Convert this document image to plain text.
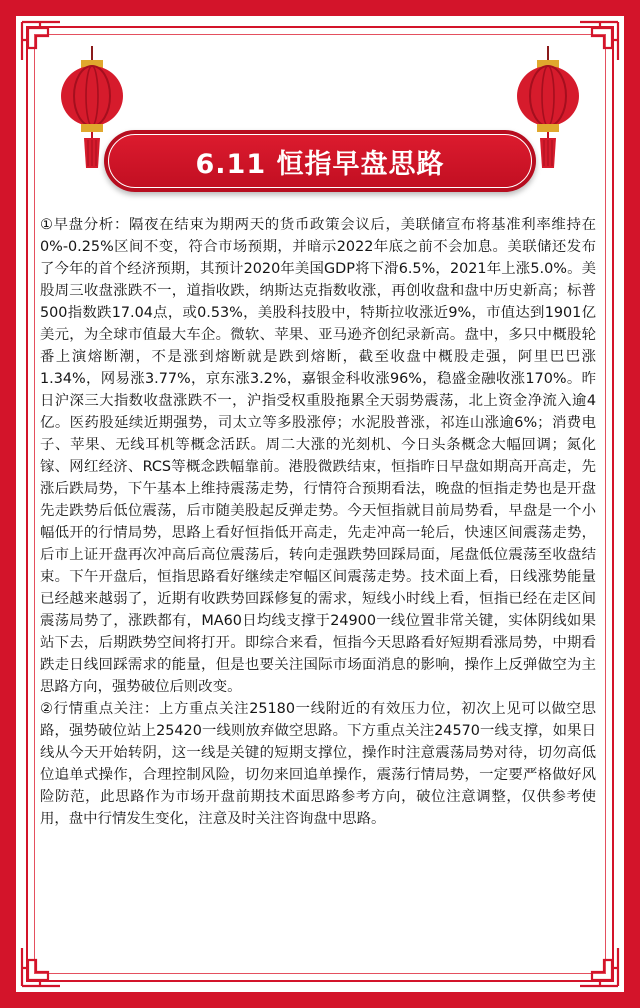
6.11 恒指早盘思路

①早盘分析：隔夜在结束为期两天的货币政策会议后，美联储宣布将基准利率维持在0%-0.25%区间不变，符合市场预期，并暗示2022年底之前不会加息。美联储还发布了今年的首个经济预期，其预计2020年美国GDP将下滑6.5%，2021年上涨5.0%。美股周三收盘涨跌不一，道指收跌，纳斯达克指数收涨，再创收盘和盘中历史新高；标普500指数跌17.04点，或0.53%，美股科技股中，特斯拉收涨近9%，市值达到1901亿美元，为全球市值最大车企。微软、苹果、亚马逊齐创纪录新高。盘中，多只中概股轮番上演熔断潮，不是涨到熔断就是跌到熔断，截至收盘中概股走强，阿里巴巴涨1.34%，网易涨3.77%，京东涨3.2%，嘉银金科收涨96%，稳盛金融收涨170%。昨日沪深三大指数收盘涨跌不一，沪指受权重股拖累全天弱势震荡，北上资金净流入逾4亿。医药股延续近期强势，司太立等多股涨停；水泥股普涨，祁连山涨逾6%；消费电子、苹果、无线耳机等概念活跃。周二大涨的光刻机、今日头条概念大幅回调；氮化镓、网红经济、RCS等概念跌幅靠前。港股微跌结束，恒指昨日早盘如期高开高走，先涨后跌局势，下午基本上维持震荡走势，行情符合预期看法，晚盘的恒指走势也是开盘先走跌势后低位震荡，后市随美股起反弹走势。今天恒指就目前局势看，早盘是一个小幅低开的行情局势，思路上看好恒指低开高走，先走冲高一轮后，快速区间震荡走势，后市上证开盘再次冲高后高位震荡后，转向走强跌势回踩局面，尾盘低位震荡至收盘结束。下午开盘后，恒指思路看好继续走窄幅区间震荡走势。技术面上看，日线涨势能量已经越来越弱了，近期有收跌势回踩修复的需求，短线小时线上看，恒指已经在走区间震荡局势了，涨跌都有，MA60日均线支撑于24900一线位置非常关键，实体阴线如果站下去，后期跌势空间将打开。即综合来看，恒指今天思路看好短期看涨局势，中期看跌走日线回踩需求的能量，但是也要关注国际市场面消息的影响，操作上反弹做空为主思路方向，强势破位后则改变。

②行情重点关注：上方重点关注25180一线附近的有效压力位，初次上见可以做空思路，强势破位站上25420一线则放弃做空思路。下方重点关注24570一线支撑，如果日线从今天开始转阴，这一线是关键的短期支撑位，操作时注意震荡局势对待，切勿高低位追单式操作，合理控制风险，切勿来回追单操作，震荡行情局势，一定要严格做好风险防范，此思路作为市场开盘前期技术面思路参考方向，破位注意调整，仅供参考使用，盘中行情发生变化，注意及时关注咨询盘中思路。
